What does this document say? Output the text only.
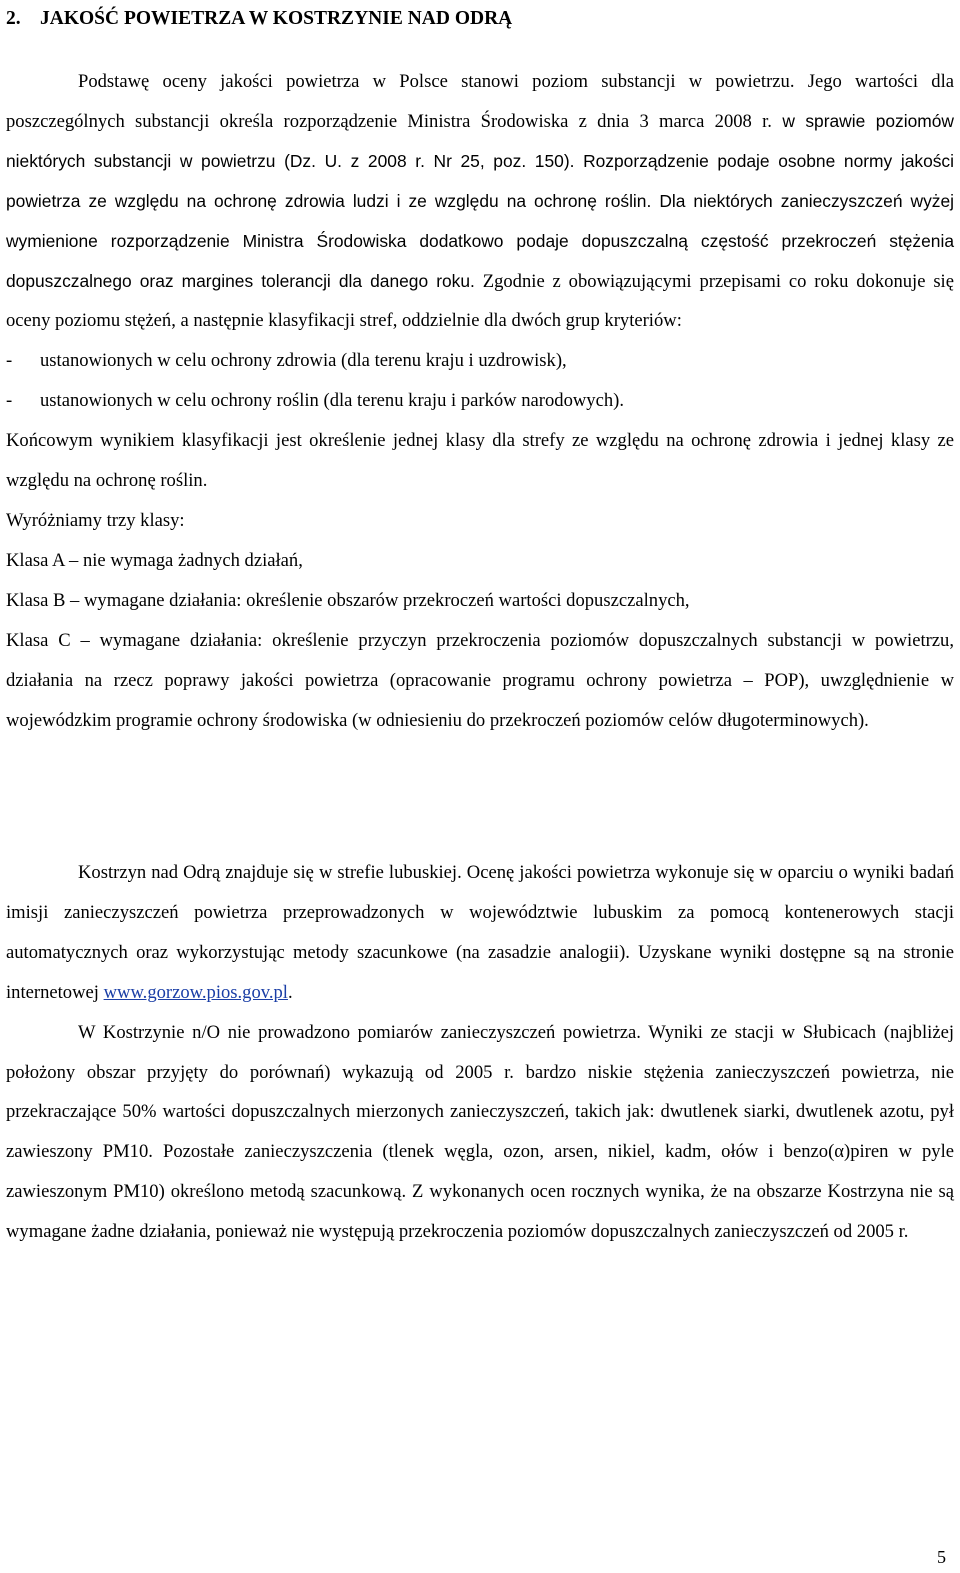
2. JAKOŚĆ POWIETRZA W KOSTRZYNIE NAD ODRĄ

Podstawę oceny jakości powietrza w Polsce stanowi poziom substancji w powietrzu. Jego wartości dla poszczególnych substancji określa rozporządzenie Ministra Środowiska z dnia 3 marca 2008 r. w sprawie poziomów niektórych substancji w powietrzu (Dz. U. z 2008 r. Nr 25, poz. 150). Rozporządzenie podaje osobne normy jakości powietrza ze względu na ochronę zdrowia ludzi i ze względu na ochronę roślin. Dla niektórych zanieczyszczeń wyżej wymienione rozporządzenie Ministra Środowiska dodatkowo podaje dopuszczalną częstość przekroczeń stężenia dopuszczalnego oraz margines tolerancji dla danego roku. Zgodnie z obowiązującymi przepisami co roku dokonuje się oceny poziomu stężeń, a następnie klasyfikacji stref, oddzielnie dla dwóch grup kryteriów:

-	ustanowionych w celu ochrony zdrowia (dla terenu kraju i uzdrowisk),
-	ustanowionych w celu ochrony roślin (dla terenu kraju i parków narodowych).

Końcowym wynikiem klasyfikacji jest określenie jednej klasy dla strefy ze względu na ochronę zdrowia i jednej klasy ze względu na ochronę roślin.

Wyróżniamy trzy klasy:

Klasa A – nie wymaga żadnych działań,

Klasa B – wymagane działania: określenie obszarów przekroczeń wartości dopuszczalnych,

Klasa C – wymagane działania: określenie przyczyn przekroczenia poziomów dopuszczalnych substancji w powietrzu, działania na rzecz poprawy jakości powietrza (opracowanie programu ochrony powietrza – POP), uwzględnienie w wojewódzkim programie ochrony środowiska (w odniesieniu do przekroczeń poziomów celów długoterminowych).

Kostrzyn nad Odrą znajduje się w strefie lubuskiej. Ocenę jakości powietrza wykonuje się w oparciu o wyniki badań imisji zanieczyszczeń powietrza przeprowadzonych w województwie lubuskim za pomocą kontenerowych stacji automatycznych oraz wykorzystując metody szacunkowe (na zasadzie analogii). Uzyskane wyniki dostępne są na stronie internetowej www.gorzow.pios.gov.pl.

W Kostrzynie n/O nie prowadzono pomiarów zanieczyszczeń powietrza. Wyniki ze stacji w Słubicach (najbliżej położony obszar przyjęty do porównań) wykazują od 2005 r. bardzo niskie stężenia zanieczyszczeń powietrza, nie przekraczające 50% wartości dopuszczalnych mierzonych zanieczyszczeń, takich jak: dwutlenek siarki, dwutlenek azotu, pył zawieszony PM10. Pozostałe zanieczyszczenia (tlenek węgla, ozon, arsen, nikiel, kadm, ołów i benzo(α)piren w pyle zawieszonym PM10) określono metodą szacunkową. Z wykonanych ocen rocznych wynika, że na obszarze Kostrzyna nie są wymagane żadne działania, ponieważ nie występują przekroczenia poziomów dopuszczalnych zanieczyszczeń od 2005 r.

5
